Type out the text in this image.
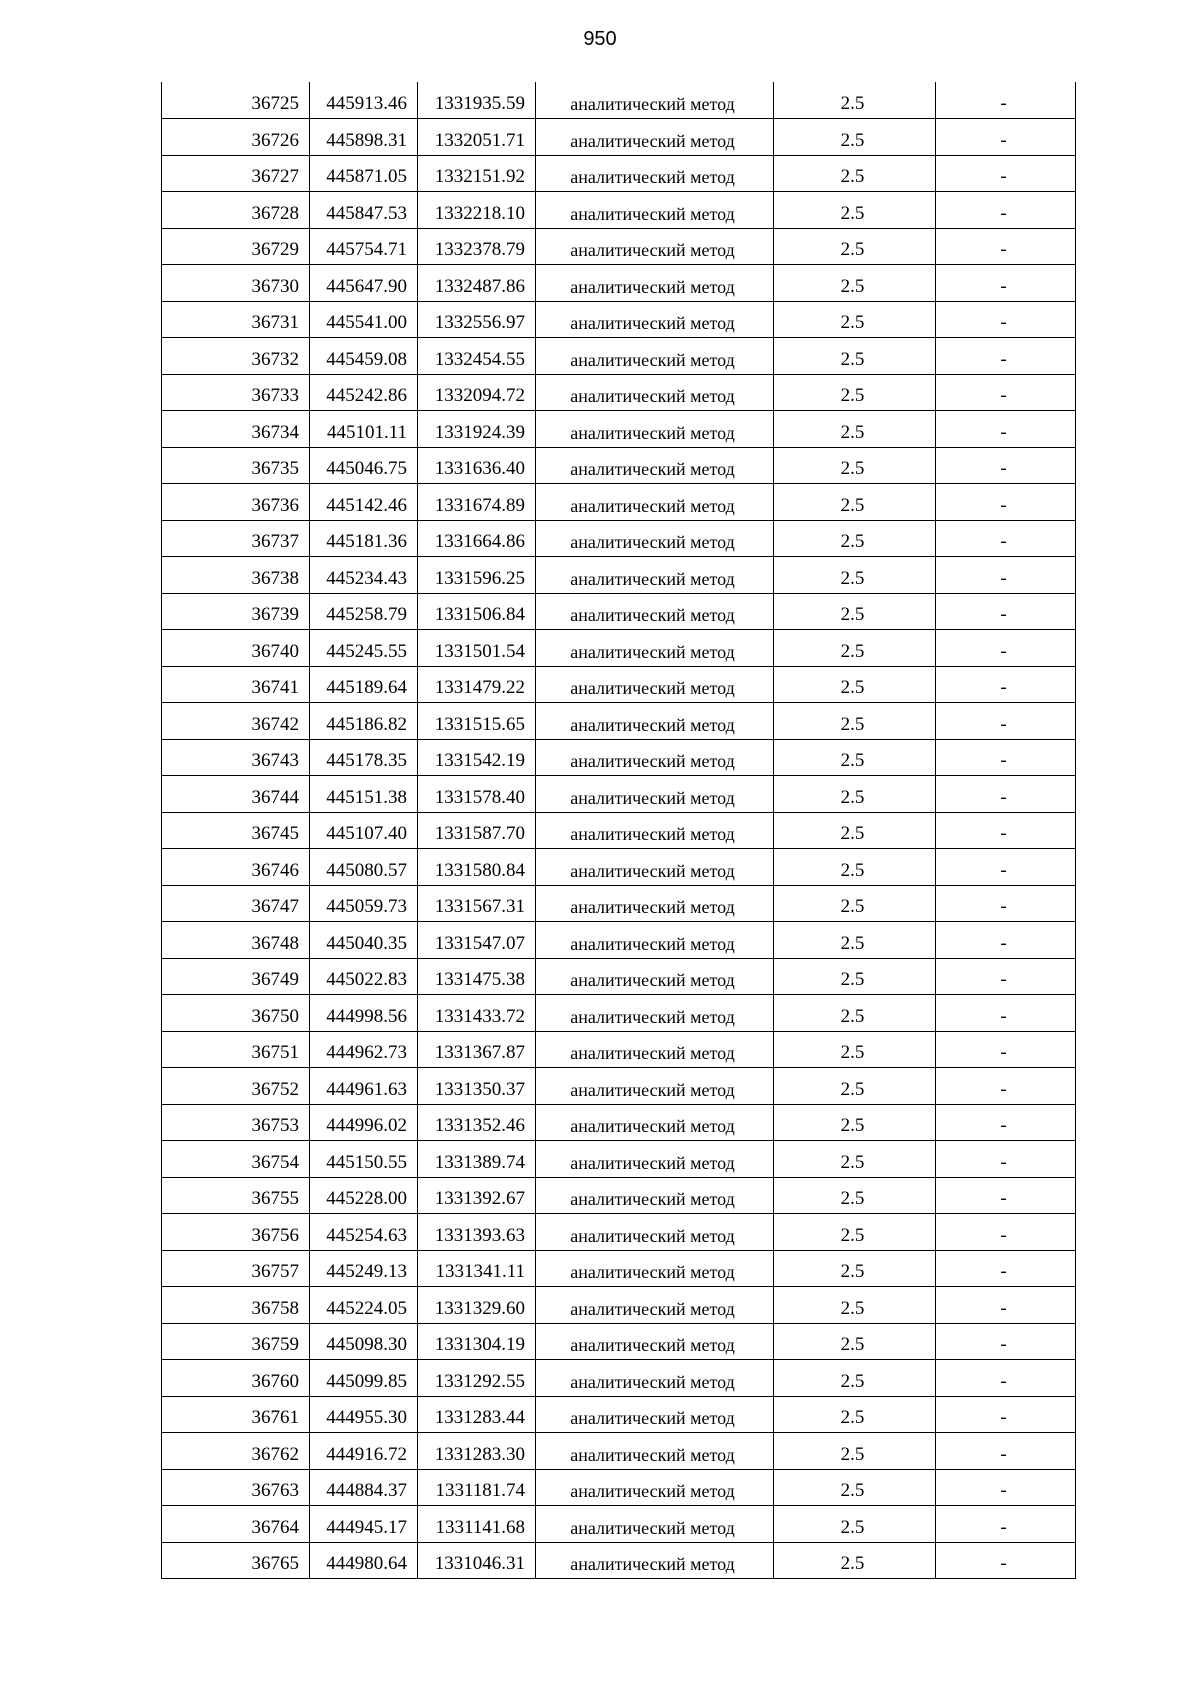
950
36725	445913.46	1331935.59	аналитический метод	2.5	-
36726	445898.31	1332051.71	аналитический метод	2.5	-
36727	445871.05	1332151.92	аналитический метод	2.5	-
36728	445847.53	1332218.10	аналитический метод	2.5	-
36729	445754.71	1332378.79	аналитический метод	2.5	-
36730	445647.90	1332487.86	аналитический метод	2.5	-
36731	445541.00	1332556.97	аналитический метод	2.5	-
36732	445459.08	1332454.55	аналитический метод	2.5	-
36733	445242.86	1332094.72	аналитический метод	2.5	-
36734	445101.11	1331924.39	аналитический метод	2.5	-
36735	445046.75	1331636.40	аналитический метод	2.5	-
36736	445142.46	1331674.89	аналитический метод	2.5	-
36737	445181.36	1331664.86	аналитический метод	2.5	-
36738	445234.43	1331596.25	аналитический метод	2.5	-
36739	445258.79	1331506.84	аналитический метод	2.5	-
36740	445245.55	1331501.54	аналитический метод	2.5	-
36741	445189.64	1331479.22	аналитический метод	2.5	-
36742	445186.82	1331515.65	аналитический метод	2.5	-
36743	445178.35	1331542.19	аналитический метод	2.5	-
36744	445151.38	1331578.40	аналитический метод	2.5	-
36745	445107.40	1331587.70	аналитический метод	2.5	-
36746	445080.57	1331580.84	аналитический метод	2.5	-
36747	445059.73	1331567.31	аналитический метод	2.5	-
36748	445040.35	1331547.07	аналитический метод	2.5	-
36749	445022.83	1331475.38	аналитический метод	2.5	-
36750	444998.56	1331433.72	аналитический метод	2.5	-
36751	444962.73	1331367.87	аналитический метод	2.5	-
36752	444961.63	1331350.37	аналитический метод	2.5	-
36753	444996.02	1331352.46	аналитический метод	2.5	-
36754	445150.55	1331389.74	аналитический метод	2.5	-
36755	445228.00	1331392.67	аналитический метод	2.5	-
36756	445254.63	1331393.63	аналитический метод	2.5	-
36757	445249.13	1331341.11	аналитический метод	2.5	-
36758	445224.05	1331329.60	аналитический метод	2.5	-
36759	445098.30	1331304.19	аналитический метод	2.5	-
36760	445099.85	1331292.55	аналитический метод	2.5	-
36761	444955.30	1331283.44	аналитический метод	2.5	-
36762	444916.72	1331283.30	аналитический метод	2.5	-
36763	444884.37	1331181.74	аналитический метод	2.5	-
36764	444945.17	1331141.68	аналитический метод	2.5	-
36765	444980.64	1331046.31	аналитический метод	2.5	-
